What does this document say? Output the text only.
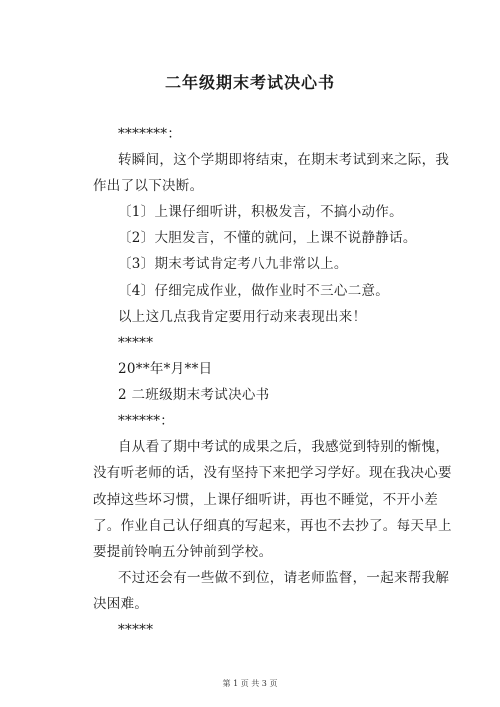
二年级期末考试决心书
*******：
转瞬间，这个学期即将结束，在期末考试到来之际，我
作出了以下决断。
〔1〕上课仔细听讲，积极发言，不搞小动作。
〔2〕大胆发言，不懂的就问，上课不说静静话。
〔3〕期末考试肯定考八九非常以上。
〔4〕仔细完成作业，做作业时不三心二意。
以上这几点我肯定要用行动来表现出来！
*****
20**年*月**日
2 二班级期末考试决心书
******：
自从看了期中考试的成果之后，我感觉到特别的惭愧，
没有听老师的话，没有坚持下来把学习学好。现在我决心要
改掉这些坏习惯，上课仔细听讲，再也不睡觉，不开小差
了。作业自己认仔细真的写起来，再也不去抄了。每天早上
要提前铃响五分钟前到学校。
不过还会有一些做不到位，请老师监督，一起来帮我解
决困难。
*****
第 1 页 共 3 页
